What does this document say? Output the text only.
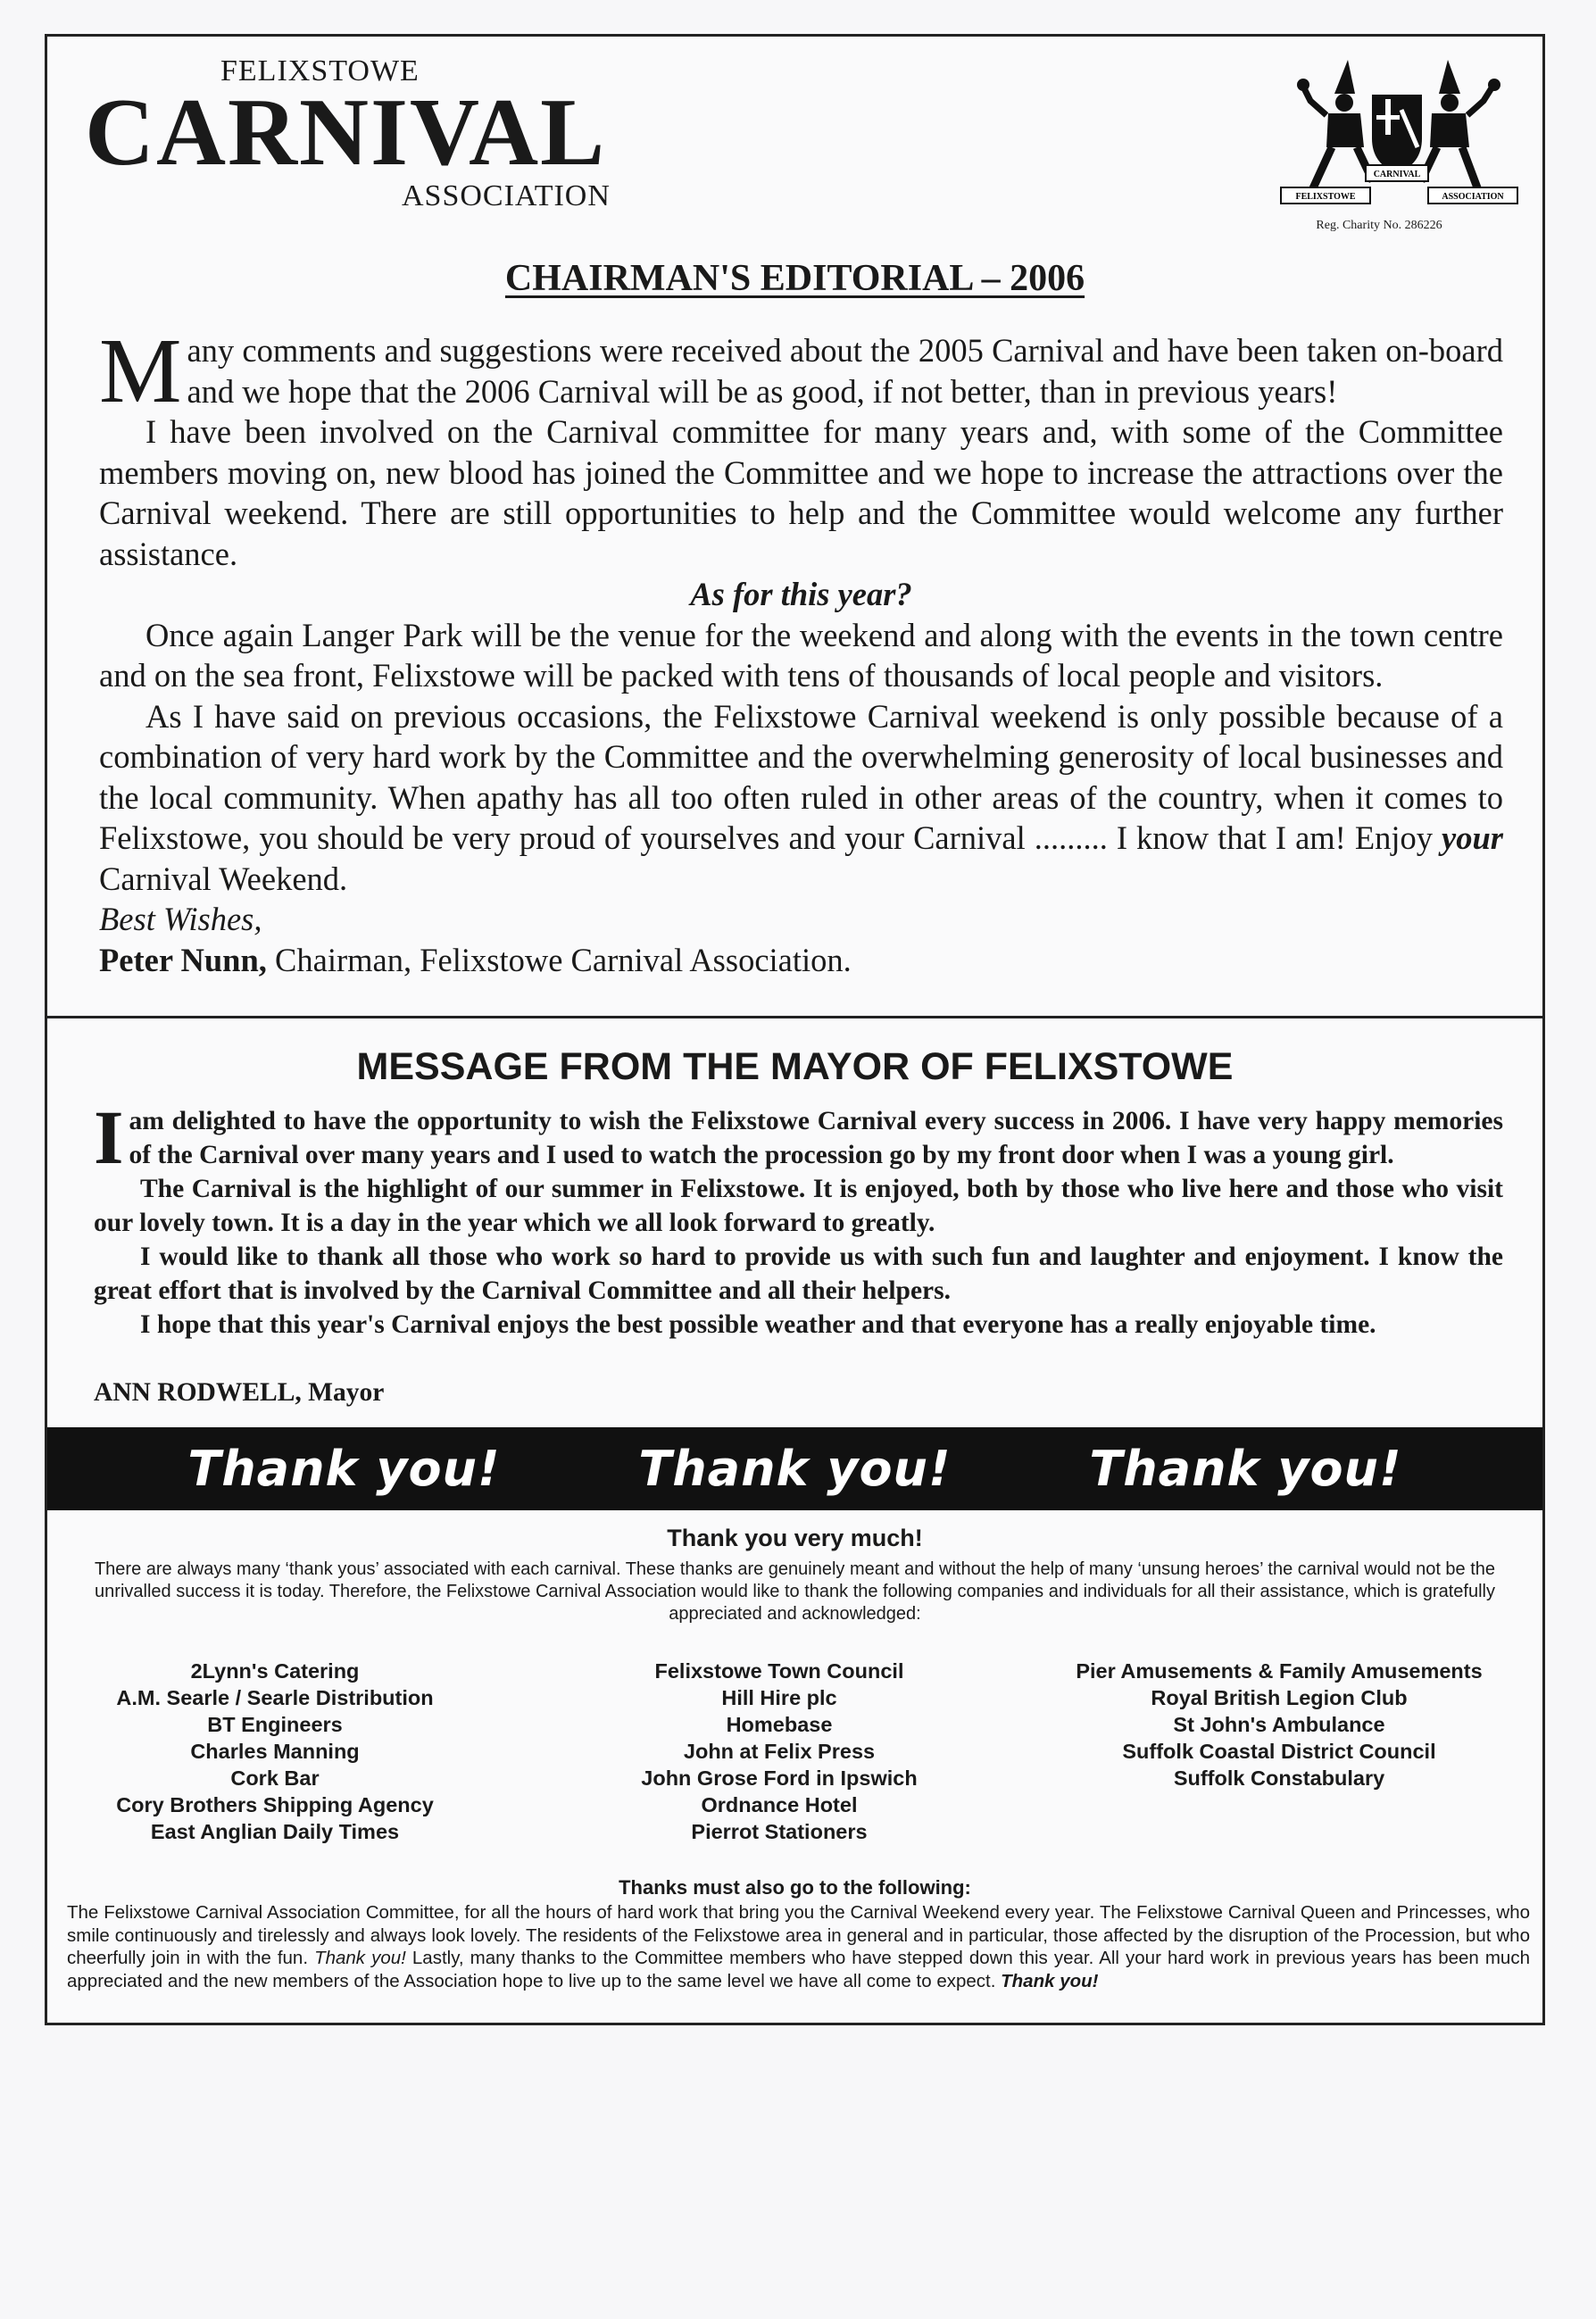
FELIXSTOWE
CARNIVAL
ASSOCIATION
CARNIVAL
FELIXSTOWE	ASSOCIATION
Reg. Charity No. 286226
CHAIRMAN'S EDITORIAL – 2006

Many comments and suggestions were received about the 2005 Carnival and have been taken on-board and we hope that the 2006 Carnival will be as good, if not better, than in previous years!

I have been involved on the Carnival committee for many years and, with some of the Committee members moving on, new blood has joined the Committee and we hope to increase the attractions over the Carnival weekend. There are still opportunities to help and the Committee would welcome any further assistance.

As for this year?

Once again Langer Park will be the venue for the weekend and along with the events in the town centre and on the sea front, Felixstowe will be packed with tens of thousands of local people and visitors.

As I have said on previous occasions, the Felixstowe Carnival weekend is only possible because of a combination of very hard work by the Committee and the overwhelming generosity of local businesses and the local community. When apathy has all too often ruled in other areas of the country, when it comes to Felixstowe, you should be very proud of yourselves and your Carnival ......... I know that I am! Enjoy your Carnival Weekend.

Best Wishes,

Peter Nunn, Chairman, Felixstowe Carnival Association.

MESSAGE FROM THE MAYOR OF FELIXSTOWE

I am delighted to have the opportunity to wish the Felixstowe Carnival every success in 2006. I have very happy memories of the Carnival over many years and I used to watch the procession go by my front door when I was a young girl.

The Carnival is the highlight of our summer in Felixstowe. It is enjoyed, both by those who live here and those who visit our lovely town. It is a day in the year which we all look forward to greatly.

I would like to thank all those who work so hard to provide us with such fun and laughter and enjoyment. I know the great effort that is involved by the Carnival Committee and all their helpers.

I hope that this year's Carnival enjoys the best possible weather and that everyone has a really enjoyable time.

ANN RODWELL, Mayor
Thank you!	Thank you!	Thank you!
Thank you very much!
There are always many ‘thank yous’ associated with each carnival. These thanks are genuinely meant and without the help of many ‘unsung heroes’ the carnival would not be the unrivalled success it is today. Therefore, the Felixstowe Carnival Association would like to thank the following companies and individuals for all their assistance, which is gratefully appreciated and acknowledged:
2Lynn's Catering
A.M. Searle / Searle Distribution
BT Engineers
Charles Manning
Cork Bar
Cory Brothers Shipping Agency
East Anglian Daily Times
Felixstowe Town Council
Hill Hire plc
Homebase
John at Felix Press
John Grose Ford in Ipswich
Ordnance Hotel
Pierrot Stationers
Pier Amusements & Family Amusements
Royal British Legion Club
St John's Ambulance
Suffolk Coastal District Council
Suffolk Constabulary
Thanks must also go to the following:

The Felixstowe Carnival Association Committee, for all the hours of hard work that bring you the Carnival Weekend every year. The Felixstowe Carnival Queen and Princesses, who smile continuously and tirelessly and always look lovely. The residents of the Felixstowe area in general and in particular, those affected by the disruption of the Procession, but who cheerfully join in with the fun. Thank you! Lastly, many thanks to the Committee members who have stepped down this year. All your hard work in previous years has been much appreciated and the new members of the Association hope to live up to the same level we have all come to expect. Thank you!
